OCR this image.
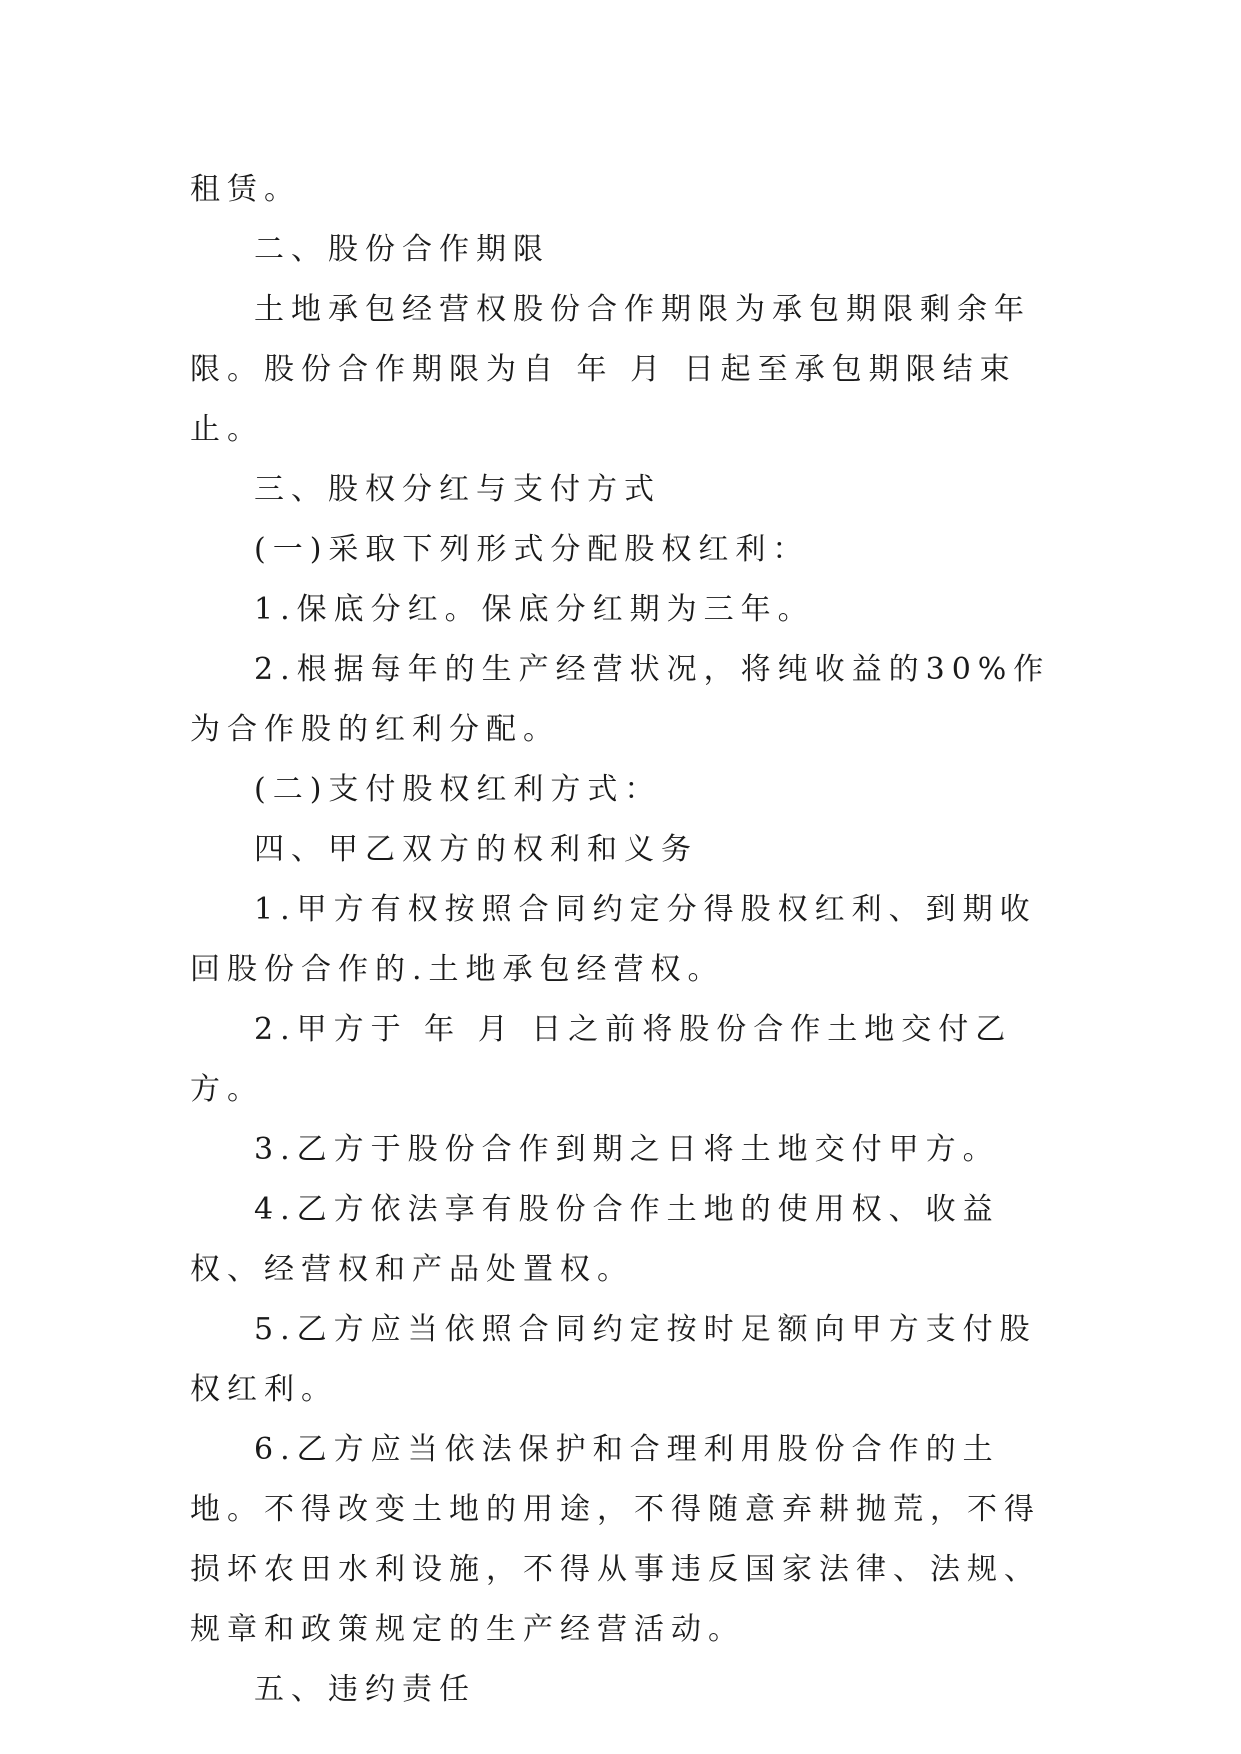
租赁。

二、股份合作期限

土地承包经营权股份合作期限为承包期限剩余年限。股份合作期限为自 年 月 日起至承包期限结束止。

三、股权分红与支付方式

(一)采取下列形式分配股权红利：

1.保底分红。保底分红期为三年。

2.根据每年的生产经营状况，将纯收益的30%作为合作股的红利分配。

(二)支付股权红利方式：

四、甲乙双方的权利和义务

1.甲方有权按照合同约定分得股权红利、到期收回股份合作的.土地承包经营权。

2.甲方于 年 月 日之前将股份合作土地交付乙方。

3.乙方于股份合作到期之日将土地交付甲方。

4.乙方依法享有股份合作土地的使用权、收益权、经营权和产品处置权。

5.乙方应当依照合同约定按时足额向甲方支付股权红利。

6.乙方应当依法保护和合理利用股份合作的土地。不得改变土地的用途，不得随意弃耕抛荒，不得损坏农田水利设施，不得从事违反国家法律、法规、规章和政策规定的生产经营活动。

五、违约责任
